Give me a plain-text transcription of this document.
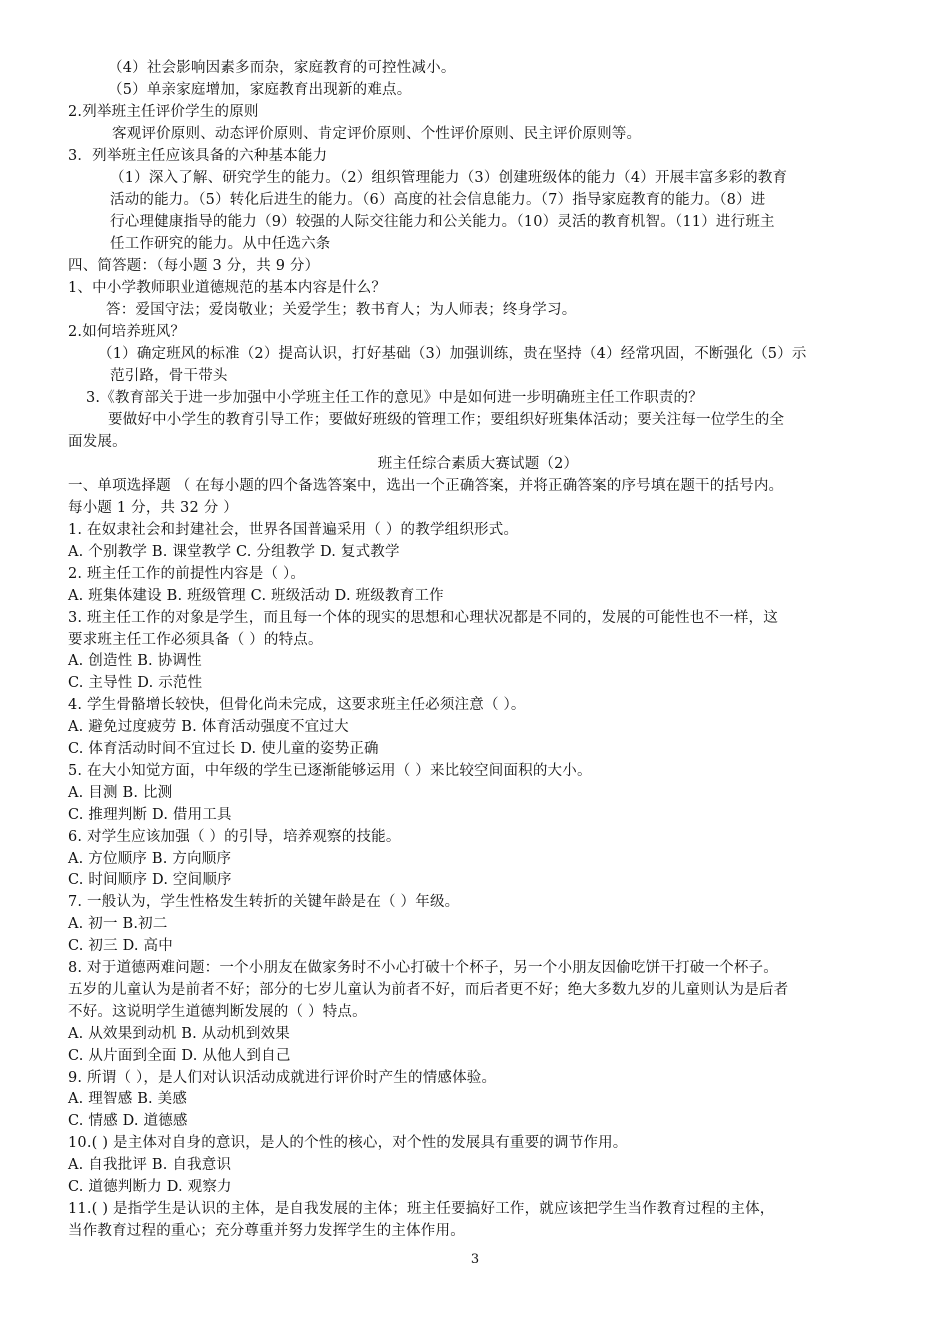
（4）社会影响因素多而杂，家庭教育的可控性减小。
（5）单亲家庭增加，家庭教育出现新的难点。
2.列举班主任评价学生的原则
客观评价原则、动态评价原则、肯定评价原则、个性评价原则、民主评价原则等。
3．列举班主任应该具备的六种基本能力
（1）深入了解、研究学生的能力。（2）组织管理能力（3）创建班级体的能力（4）开展丰富多彩的教育
活动的能力。（5）转化后进生的能力。（6）高度的社会信息能力。（7）指导家庭教育的能力。（8）进
行心理健康指导的能力（9）较强的人际交往能力和公关能力。（10）灵活的教育机智。（11）进行班主
任工作研究的能力。从中任选六条
四、简答题：（每小题 3 分，共 9 分）
1、中小学教师职业道德规范的基本内容是什么？
答：爱国守法；爱岗敬业；关爱学生；教书育人；为人师表；终身学习。
2.如何培养班风？
（1）确定班风的标准（2）提高认识，打好基础（3）加强训练，贵在坚持（4）经常巩固，不断强化（5）示
范引路，骨干带头
3.《教育部关于进一步加强中小学班主任工作的意见》中是如何进一步明确班主任工作职责的？
要做好中小学生的教育引导工作；要做好班级的管理工作；要组织好班集体活动；要关注每一位学生的全
面发展。
班主任综合素质大赛试题（2）
一、单项选择题 （ 在每小题的四个备选答案中，选出一个正确答案，并将正确答案的序号填在题干的括号内。
每小题 1 分，共 32 分 ）
1. 在奴隶社会和封建社会，世界各国普遍采用（ ）的教学组织形式。
A. 个别教学 B. 课堂教学 C. 分组教学 D. 复式教学
2. 班主任工作的前提性内容是（ ）。
A. 班集体建设 B. 班级管理 C. 班级活动 D. 班级教育工作
3. 班主任工作的对象是学生，而且每一个体的现实的思想和心理状况都是不同的，发展的可能性也不一样，这
要求班主任工作必须具备（ ）的特点。
A. 创造性 B. 协调性
C. 主导性 D. 示范性
4. 学生骨骼增长较快，但骨化尚未完成，这要求班主任必须注意（ ）。
A. 避免过度疲劳 B. 体育活动强度不宜过大
C. 体育活动时间不宜过长 D. 使儿童的姿势正确
5. 在大小知觉方面，中年级的学生已逐渐能够运用（ ）来比较空间面积的大小。
A. 目测 B. 比测
C. 推理判断 D. 借用工具
6. 对学生应该加强（ ）的引导，培养观察的技能。
A. 方位顺序 B. 方向顺序
C. 时间顺序 D. 空间顺序
7. 一般认为，学生性格发生转折的关键年龄是在（ ）年级。
A. 初一 B.初二
C. 初三 D. 高中
8. 对于道德两难问题：一个小朋友在做家务时不小心打破十个杯子，另一个小朋友因偷吃饼干打破一个杯子。
五岁的儿童认为是前者不好；部分的七岁儿童认为前者不好，而后者更不好；绝大多数九岁的儿童则认为是后者
不好。这说明学生道德判断发展的（ ）特点。
A. 从效果到动机 B. 从动机到效果
C. 从片面到全面 D. 从他人到自己
9. 所谓（ ），是人们对认识活动成就进行评价时产生的情感体验。
A. 理智感 B. 美感
C. 情感 D. 道德感
10.( ) 是主体对自身的意识，是人的个性的核心，对个性的发展具有重要的调节作用。
A. 自我批评 B. 自我意识
C. 道德判断力 D. 观察力
11.( ) 是指学生是认识的主体，是自我发展的主体；班主任要搞好工作，就应该把学生当作教育过程的主体，
当作教育过程的重心；充分尊重并努力发挥学生的主体作用。
3
